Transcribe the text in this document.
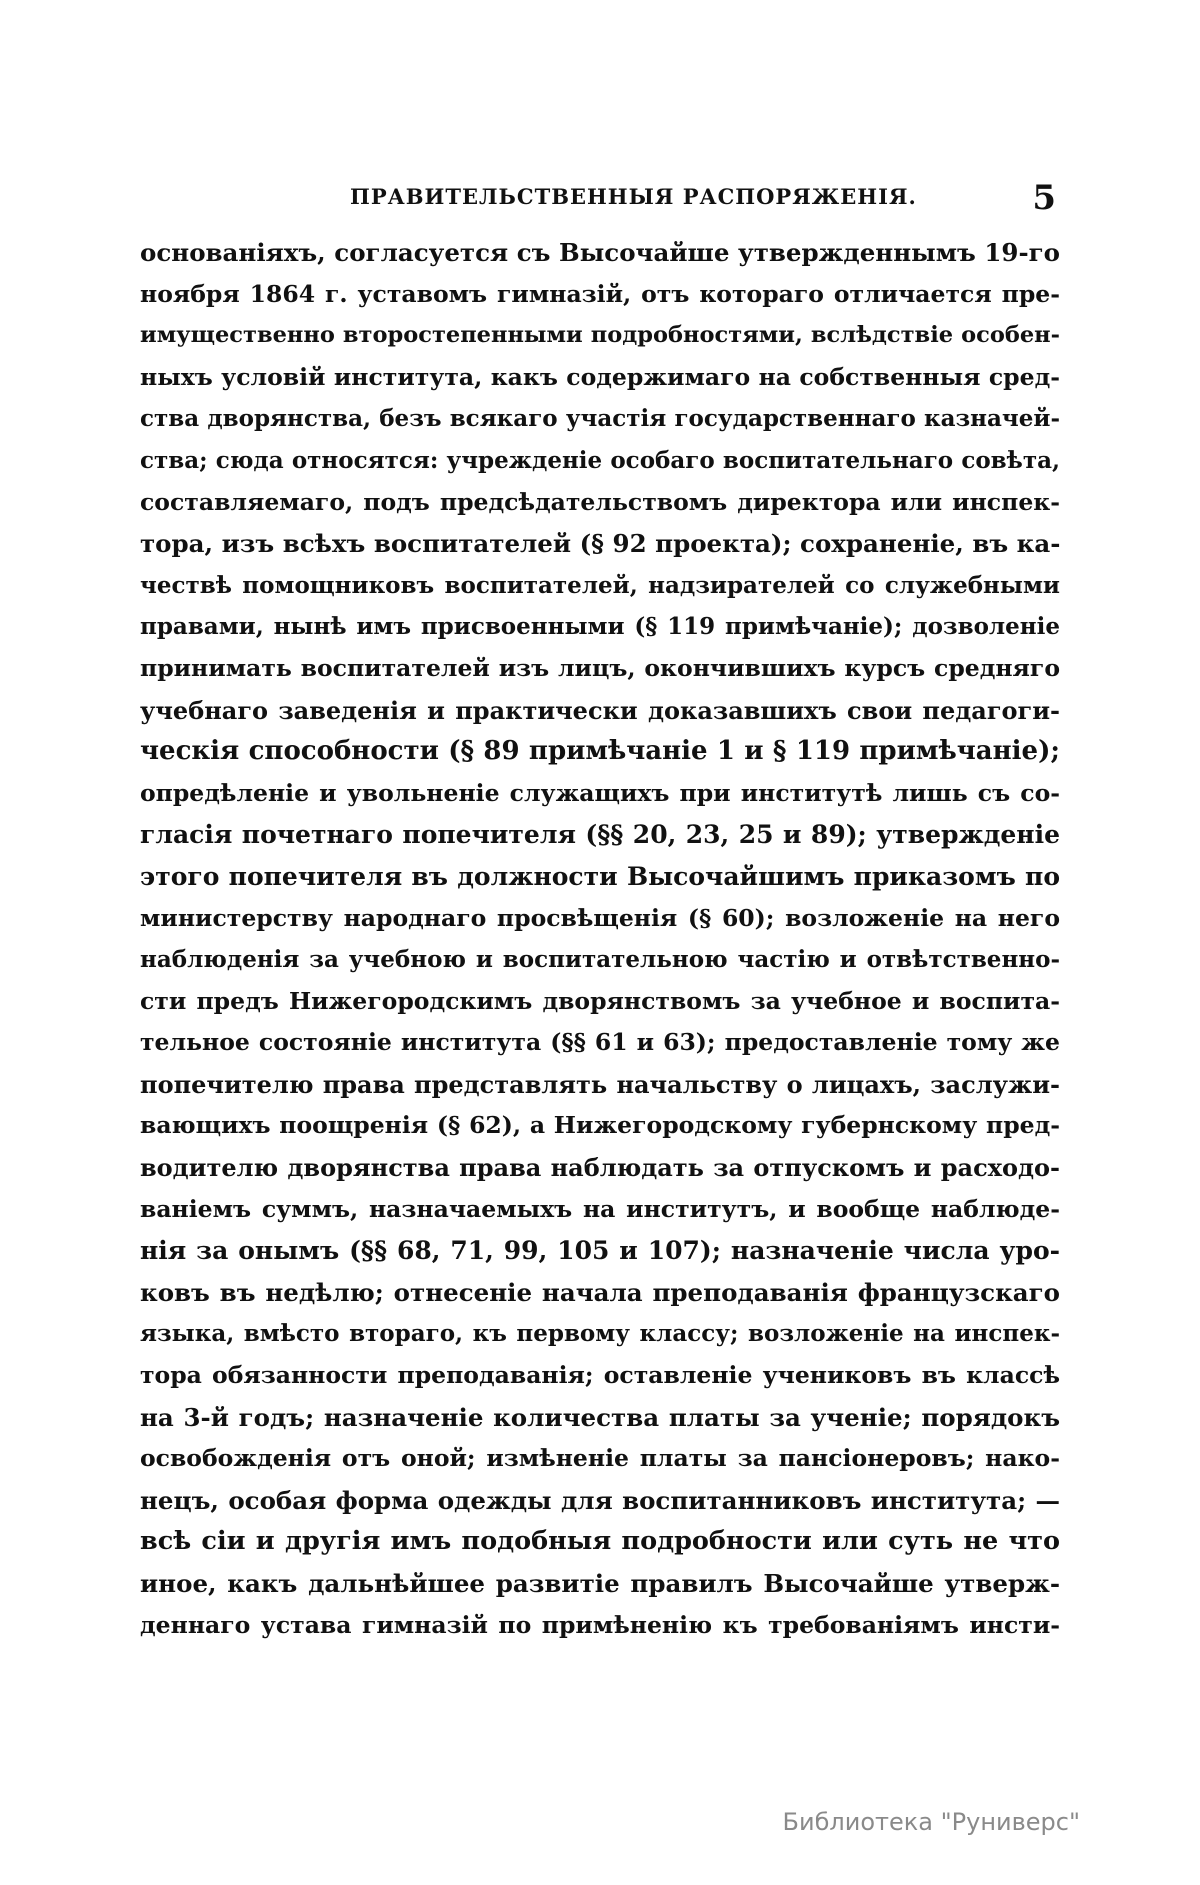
ПРАВИТЕЛЬСТВЕННЫЯ РАСПОРЯЖЕНІЯ.	5
основаніяхъ, согласуется съ Высочайше утвержденнымъ 19-го
ноября 1864 г. уставомъ гимназій, отъ котораго отличается пре-
имущественно второстепенными подробностями, вслѣдствіе особен-
ныхъ условій института, какъ содержимаго на собственныя сред-
ства дворянства, безъ всякаго участія государственнаго казначей-
ства; сюда относятся: учрежденіе особаго воспитательнаго совѣта,
составляемаго, подъ предсѣдательствомъ директора или инспек-
тора, изъ всѣхъ воспитателей (§ 92 проекта); сохраненіе, въ ка-
чествѣ помощниковъ воспитателей, надзирателей со служебными
правами, нынѣ имъ присвоенными (§ 119 примѣчаніе); дозволеніе
принимать воспитателей изъ лицъ, окончившихъ курсъ средняго
учебнаго заведенія и практически доказавшихъ свои педагоги-
ческія способности (§ 89 примѣчаніе 1 и § 119 примѣчаніе);
опредѣленіе и увольненіе служащихъ при институтѣ лишь съ со-
гласія почетнаго попечителя (§§ 20, 23, 25 и 89); утвержденіе
этого попечителя въ должности Высочайшимъ приказомъ по
министерству народнаго просвѣщенія (§ 60); возложеніе на него
наблюденія за учебною и воспитательною частію и отвѣтственно-
сти предъ Нижегородскимъ дворянствомъ за учебное и воспита-
тельное состояніе института (§§ 61 и 63); предоставленіе тому же
попечителю права представлять начальству о лицахъ, заслужи-
вающихъ поощренія (§ 62), а Нижегородскому губернскому пред-
водителю дворянства права наблюдать за отпускомъ и расходо-
ваніемъ суммъ, назначаемыхъ на институтъ, и вообще наблюде-
нія за онымъ (§§ 68, 71, 99, 105 и 107); назначеніе числа уро-
ковъ въ недѣлю; отнесеніе начала преподаванія французскаго
языка, вмѣсто втораго, къ первому классу; возложеніе на инспек-
тора обязанности преподаванія; оставленіе учениковъ въ классѣ
на 3-й годъ; назначеніе количества платы за ученіе; порядокъ
освобожденія отъ оной; измѣненіе платы за пансіонеровъ; нако-
нецъ, особая форма одежды для воспитанниковъ института; —
всѣ сіи и другія имъ подобныя подробности или суть не что
иное, какъ дальнѣйшее развитіе правилъ Высочайше утверж-
деннаго устава гимназій по примѣненію къ требованіямъ инсти-
Библиотека "Руниверс"
